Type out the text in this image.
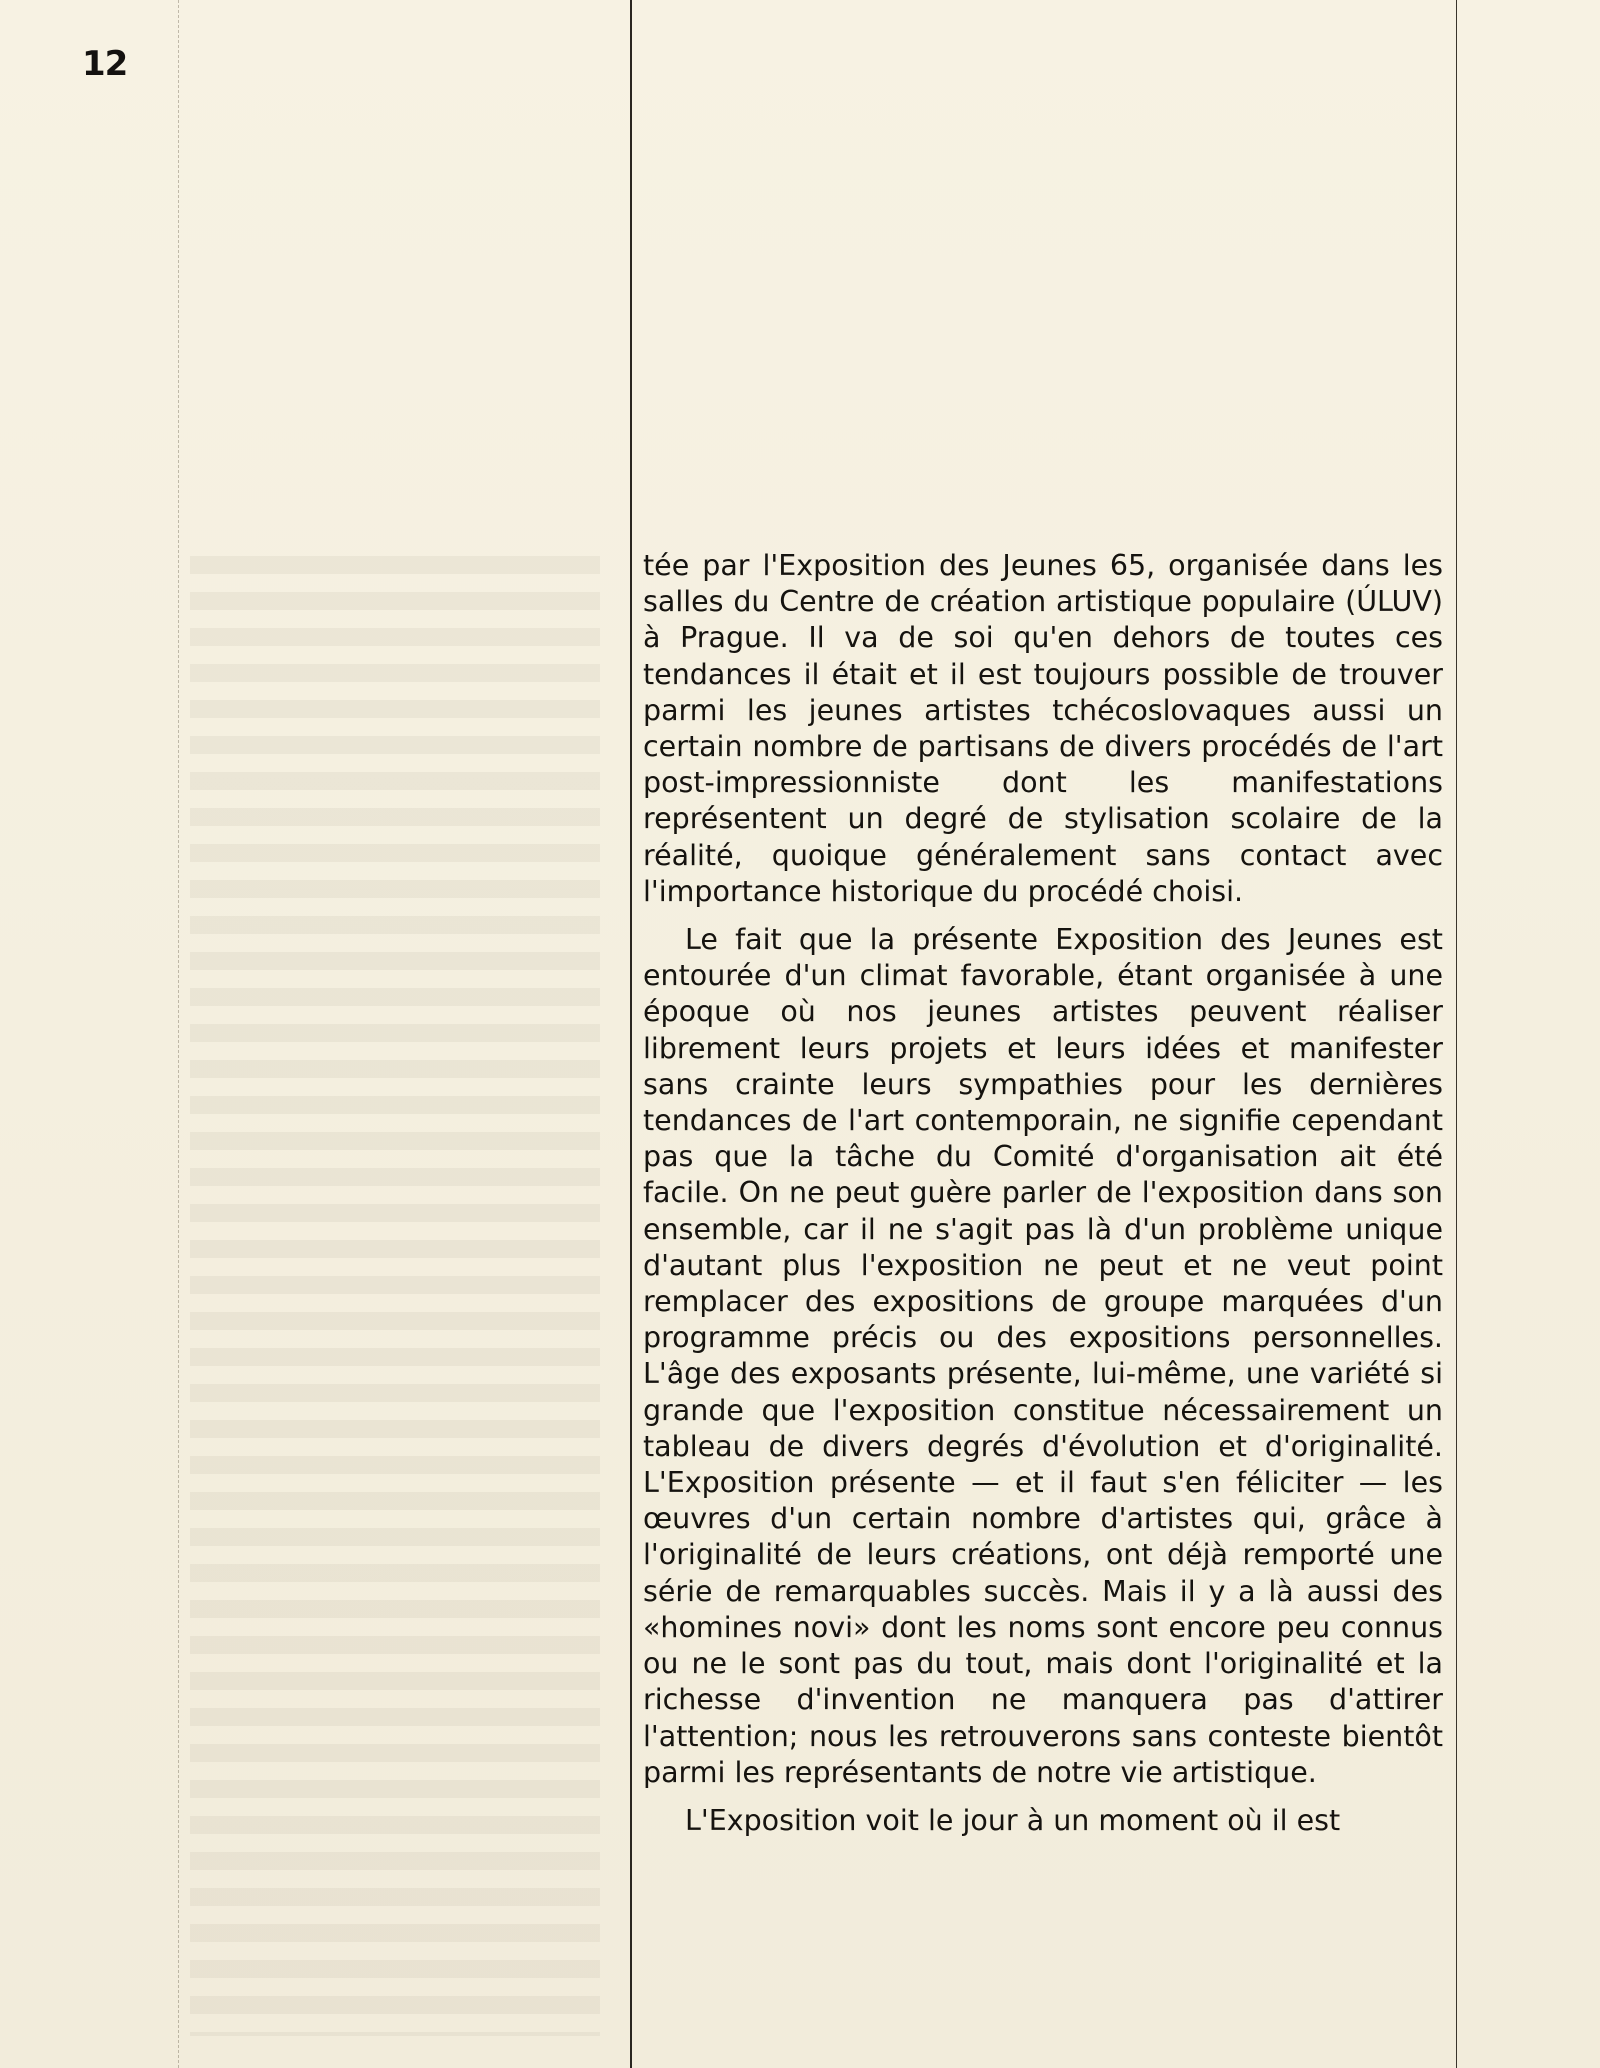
12

tée par l'Exposition des Jeunes 65, organisée dans les salles du Centre de création artistique populaire (ÚLUV) à Prague. Il va de soi qu'en dehors de toutes ces tendances il était et il est toujours possible de trouver parmi les jeunes artistes tchécoslovaques aussi un certain nombre de partisans de divers procédés de l'art post-impressionniste dont les manifestations représentent un degré de stylisation scolaire de la réalité, quoique généralement sans contact avec l'importance historique du procédé choisi.

Le fait que la présente Exposition des Jeunes est entourée d'un climat favorable, étant organisée à une époque où nos jeunes artistes peuvent réaliser librement leurs projets et leurs idées et manifester sans crainte leurs sympathies pour les dernières tendances de l'art contemporain, ne signifie cependant pas que la tâche du Comité d'organisation ait été facile. On ne peut guère parler de l'exposition dans son ensemble, car il ne s'agit pas là d'un problème unique d'autant plus l'exposition ne peut et ne veut point remplacer des expositions de groupe marquées d'un programme précis ou des expositions personnelles. L'âge des exposants présente, lui-même, une variété si grande que l'exposition constitue nécessairement un tableau de divers degrés d'évolution et d'originalité. L'Exposition présente — et il faut s'en féliciter — les œuvres d'un certain nombre d'artistes qui, grâce à l'originalité de leurs créations, ont déjà remporté une série de remarquables succès. Mais il y a là aussi des «homines novi» dont les noms sont encore peu connus ou ne le sont pas du tout, mais dont l'originalité et la richesse d'invention ne manquera pas d'attirer l'attention; nous les retrouverons sans conteste bientôt parmi les représentants de notre vie artistique.

L'Exposition voit le jour à un moment où il est
